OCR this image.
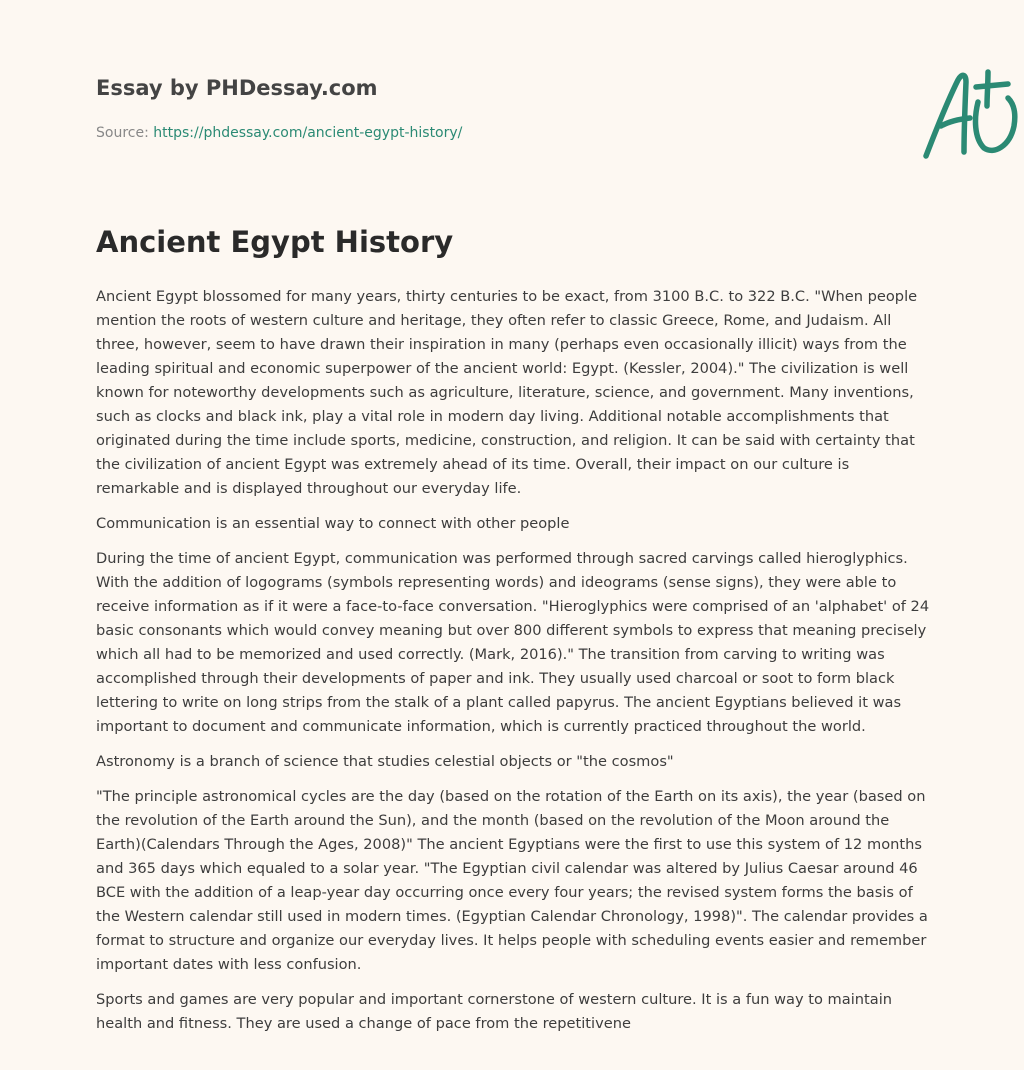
Essay by PHDessay.com
Source: https://phdessay.com/ancient-egypt-history/
Ancient Egypt History

Ancient Egypt blossomed for many years, thirty centuries to be exact, from 3100 B.C. to 322 B.C. "When people mention the roots of western culture and heritage, they often refer to classic Greece, Rome, and Judaism. All three, however, seem to have drawn their inspiration in many (perhaps even occasionally illicit) ways from the leading spiritual and economic superpower of the ancient world: Egypt. (Kessler, 2004)." The civilization is well known for noteworthy developments such as agriculture, literature, science, and government. Many inventions, such as clocks and black ink, play a vital role in modern day living. Additional notable accomplishments that originated during the time include sports, medicine, construction, and religion. It can be said with certainty that the civilization of ancient Egypt was extremely ahead of its time. Overall, their impact on our culture is remarkable and is displayed throughout our everyday life.

Communication is an essential way to connect with other people

During the time of ancient Egypt, communication was performed through sacred carvings called hieroglyphics. With the addition of logograms (symbols representing words) and ideograms (sense signs), they were able to receive information as if it were a face-to-face conversation. "Hieroglyphics were comprised of an 'alphabet' of 24 basic consonants which would convey meaning but over 800 different symbols to express that meaning precisely which all had to be memorized and used correctly. (Mark, 2016)." The transition from carving to writing was accomplished through their developments of paper and ink. They usually used charcoal or soot to form black lettering to write on long strips from the stalk of a plant called papyrus. The ancient Egyptians believed it was important to document and communicate information, which is currently practiced throughout the world.

Astronomy is a branch of science that studies celestial objects or "the cosmos"

"The principle astronomical cycles are the day (based on the rotation of the Earth on its axis), the year (based on the revolution of the Earth around the Sun), and the month (based on the revolution of the Moon around the Earth)(Calendars Through the Ages, 2008)" The ancient Egyptians were the first to use this system of 12 months and 365 days which equaled to a solar year. "The Egyptian civil calendar was altered by Julius Caesar around 46 BCE with the addition of a leap-year day occurring once every four years; the revised system forms the basis of the Western calendar still used in modern times. (Egyptian Calendar Chronology, 1998)". The calendar provides a format to structure and organize our everyday lives. It helps people with scheduling events easier and remember important dates with less confusion.

Sports and games are very popular and important cornerstone of western culture. It is a fun way to maintain health and fitness. They are used a change of pace from the repetitivene
